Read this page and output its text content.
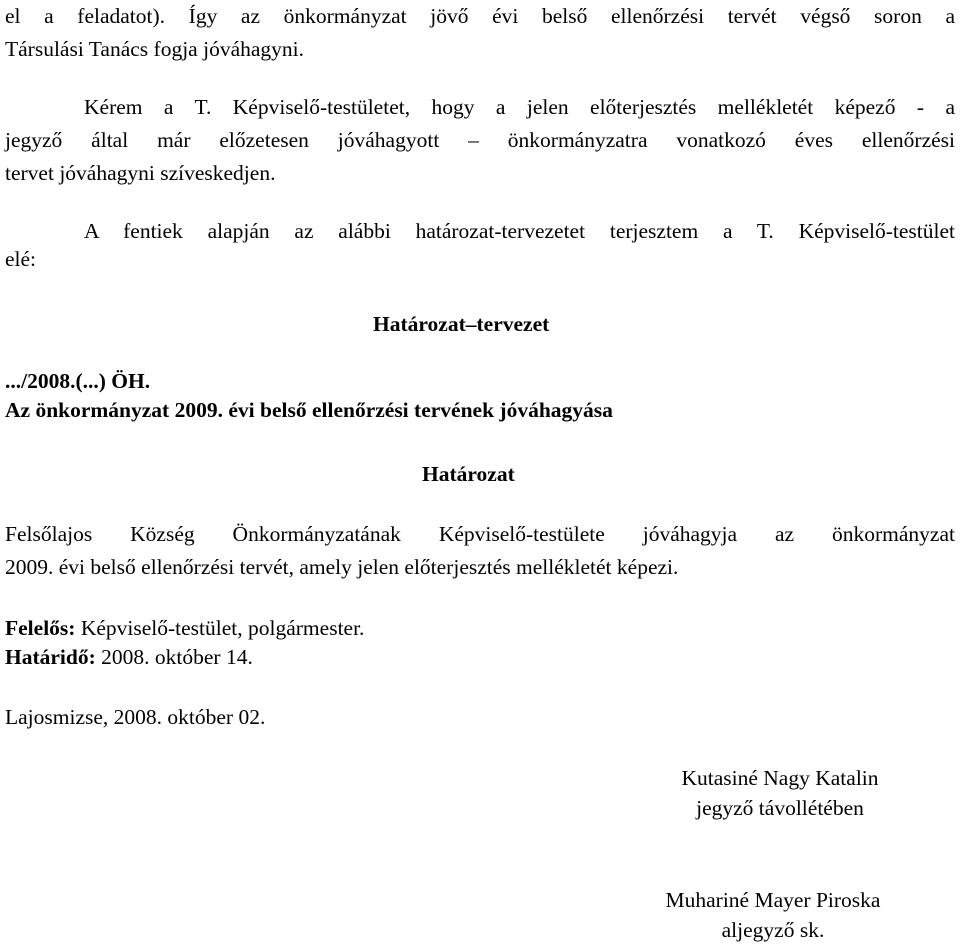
el a feladatot). Így az önkormányzat jövő évi belső ellenőrzési tervét végső soron a
Társulási Tanács fogja jóváhagyni.
Kérem a T. Képviselő-testületet, hogy a jelen előterjesztés mellékletét képező - a
jegyző által már előzetesen jóváhagyott – önkormányzatra vonatkozó éves ellenőrzési
tervet jóváhagyni szíveskedjen.
A fentiek alapján az alábbi határozat-tervezetet terjesztem a T. Képviselő-testület
elé:
Határozat–tervezet
.../2008.(...) ÖH.
Az önkormányzat 2009. évi belső ellenőrzési tervének jóváhagyása
Határozat
Felsőlajos Község Önkormányzatának Képviselő-testülete jóváhagyja az önkormányzat
2009. évi belső ellenőrzési tervét, amely jelen előterjesztés mellékletét képezi.
Felelős: Képviselő-testület, polgármester.
Határidő: 2008. október 14.
Lajosmizse, 2008. október 02.
Kutasiné Nagy Katalin
jegyző távollétében
Muhariné Mayer Piroska
aljegyző sk.
